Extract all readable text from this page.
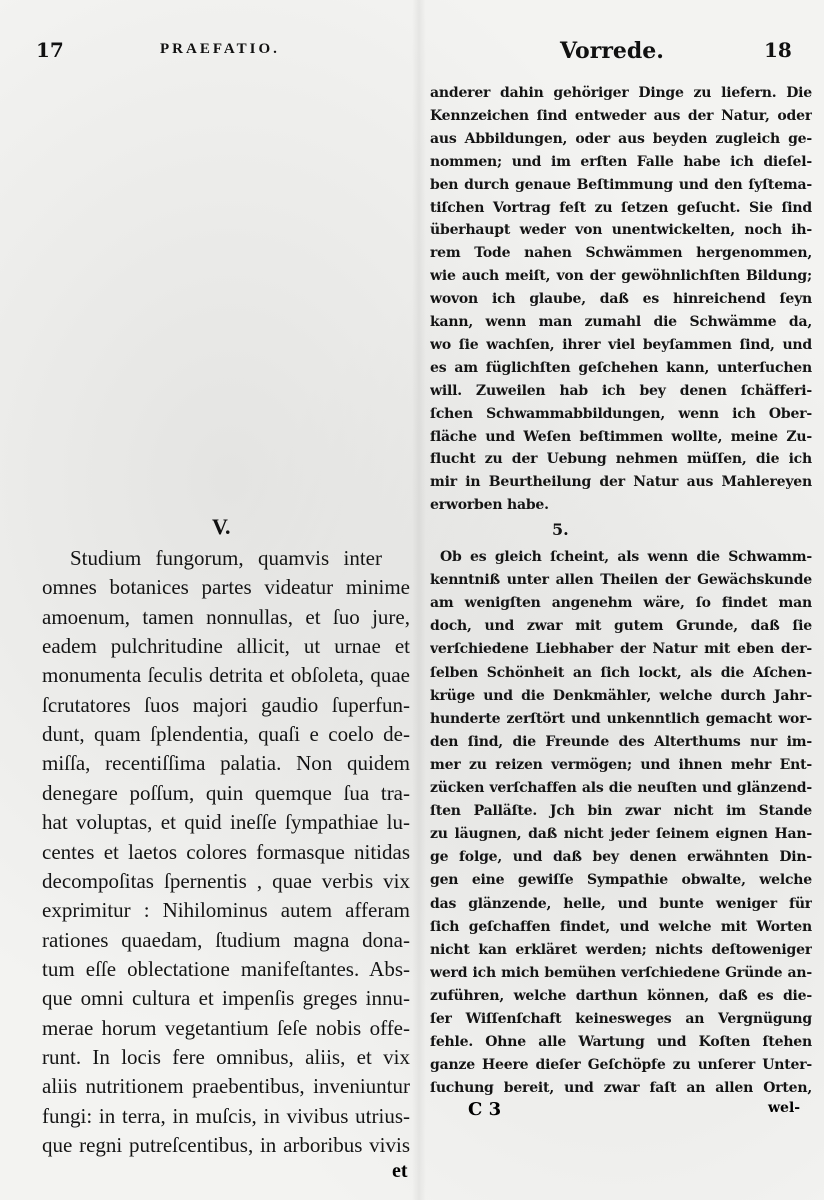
17	PRAEFATIO.	Vorrede.	18
V.
Studium fungorum, quamvis inter
omnes botanices partes videatur minime
amoenum, tamen nonnullas, et ſuo jure,
eadem pulchritudine allicit, ut urnae et
monumenta ſeculis detrita et obſoleta, quae
ſcrutatores ſuos majori gaudio ſuperfun-
dunt, quam ſplendentia, quaſi e coelo de-
miſſa, recentiſſima palatia. Non quidem
denegare poſſum, quin quemque ſua tra-
hat voluptas, et quid ineſſe ſympathiae lu-
centes et laetos colores formasque nitidas
decompoſitas ſpernentis , quae verbis vix
exprimitur : Nihilominus autem afferam
rationes quaedam, ſtudium magna dona-
tum eſſe oblectatione manifeſtantes. Abs-
que omni cultura et impenſis greges innu-
merae horum vegetantium ſeſe nobis offe-
runt. In locis fere omnibus, aliis, et vix
aliis nutritionem praebentibus, inveniuntur
fungi: in terra, in muſcis, in vivibus utrius-
que regni putreſcentibus, in arboribus vivis
et
anderer dahin gehöriger Dinge zu liefern. Die
Kennzeichen ſind entweder aus der Natur, oder
aus Abbildungen, oder aus beyden zugleich ge-
nommen; und im erſten Falle habe ich dieſel-
ben durch genaue Beſtimmung und den ſyſtema-
tiſchen Vortrag feſt zu ſetzen geſucht. Sie ſind
überhaupt weder von unentwickelten, noch ih-
rem Tode nahen Schwämmen hergenommen,
wie auch meiſt, von der gewöhnlichſten Bildung;
wovon ich glaube, daß es hinreichend ſeyn
kann, wenn man zumahl die Schwämme da,
wo ſie wachſen, ihrer viel beyſammen ſind, und
es am füglichſten geſchehen kann, unterſuchen
will. Zuweilen hab ich bey denen ſchäfferi-
ſchen Schwammabbildungen, wenn ich Ober-
fläche und Weſen beſtimmen wollte, meine Zu-
flucht zu der Uebung nehmen müſſen, die ich
mir in Beurtheilung der Natur aus Mahlereyen
erworben habe.
5.
Ob es gleich ſcheint, als wenn die Schwamm-
kenntniß unter allen Theilen der Gewächskunde
am wenigſten angenehm wäre, ſo findet man
doch, und zwar mit gutem Grunde, daß ſie
verſchiedene Liebhaber der Natur mit eben der-
ſelben Schönheit an ſich lockt, als die Aſchen-
krüge und die Denkmähler, welche durch Jahr-
hunderte zerſtört und unkenntlich gemacht wor-
den ſind, die Freunde des Alterthums nur im-
mer zu reizen vermögen; und ihnen mehr Ent-
zücken verſchaffen als die neuſten und glänzend-
ſten Palläſte. Jch bin zwar nicht im Stande
zu läugnen, daß nicht jeder ſeinem eignen Han-
ge folge, und daß bey denen erwähnten Din-
gen eine gewiſſe Sympathie obwalte, welche
das glänzende, helle, und bunte weniger für
ſich geſchaffen findet, und welche mit Worten
nicht kan erkläret werden; nichts deſtoweniger
werd ich mich bemühen verſchiedene Gründe an-
zuführen, welche darthun können, daß es die-
ſer Wiſſenſchaft keinesweges an Vergnügung
fehle. Ohne alle Wartung und Koſten ſtehen
ganze Heere dieſer Geſchöpfe zu unſerer Unter-
ſuchung bereit, und zwar faſt an allen Orten,
C 3	wel-
